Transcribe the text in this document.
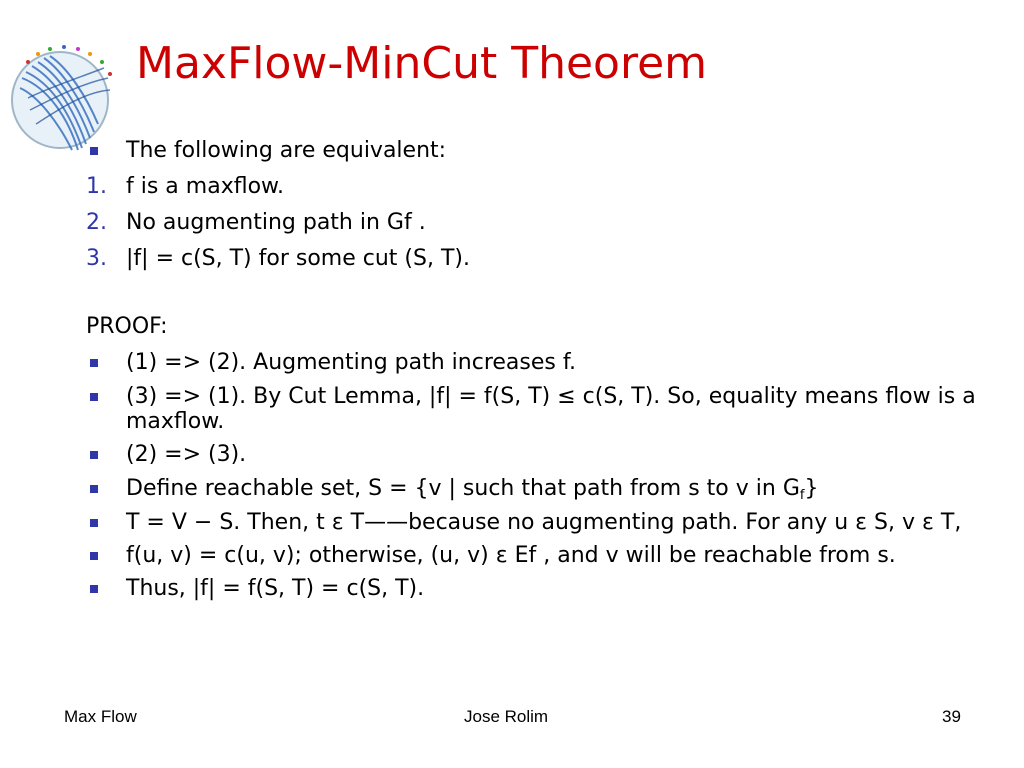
MaxFlow-MinCut Theorem

The following are equivalent:

1. f is a maxflow.

2. No augmenting path in Gf .

3. |f| = c(S, T) for some cut (S, T).

PROOF:

(1) => (2). Augmenting path increases f.

(3) => (1). By Cut Lemma, |f| = f(S, T) ≤ c(S, T). So, equality means flow is a maxflow.

(2) => (3).

Define reachable set, S = {v | such that path from s to v in $G_f$}

T = V − S. Then, t ε T——because no augmenting path. For any u ε S, v ε T,

f(u, v) = c(u, v); otherwise, (u, v) ε Ef , and v will be reachable from s.

Thus, |f| = f(S, T) = c(S, T).

Max Flow	Jose Rolim	39
